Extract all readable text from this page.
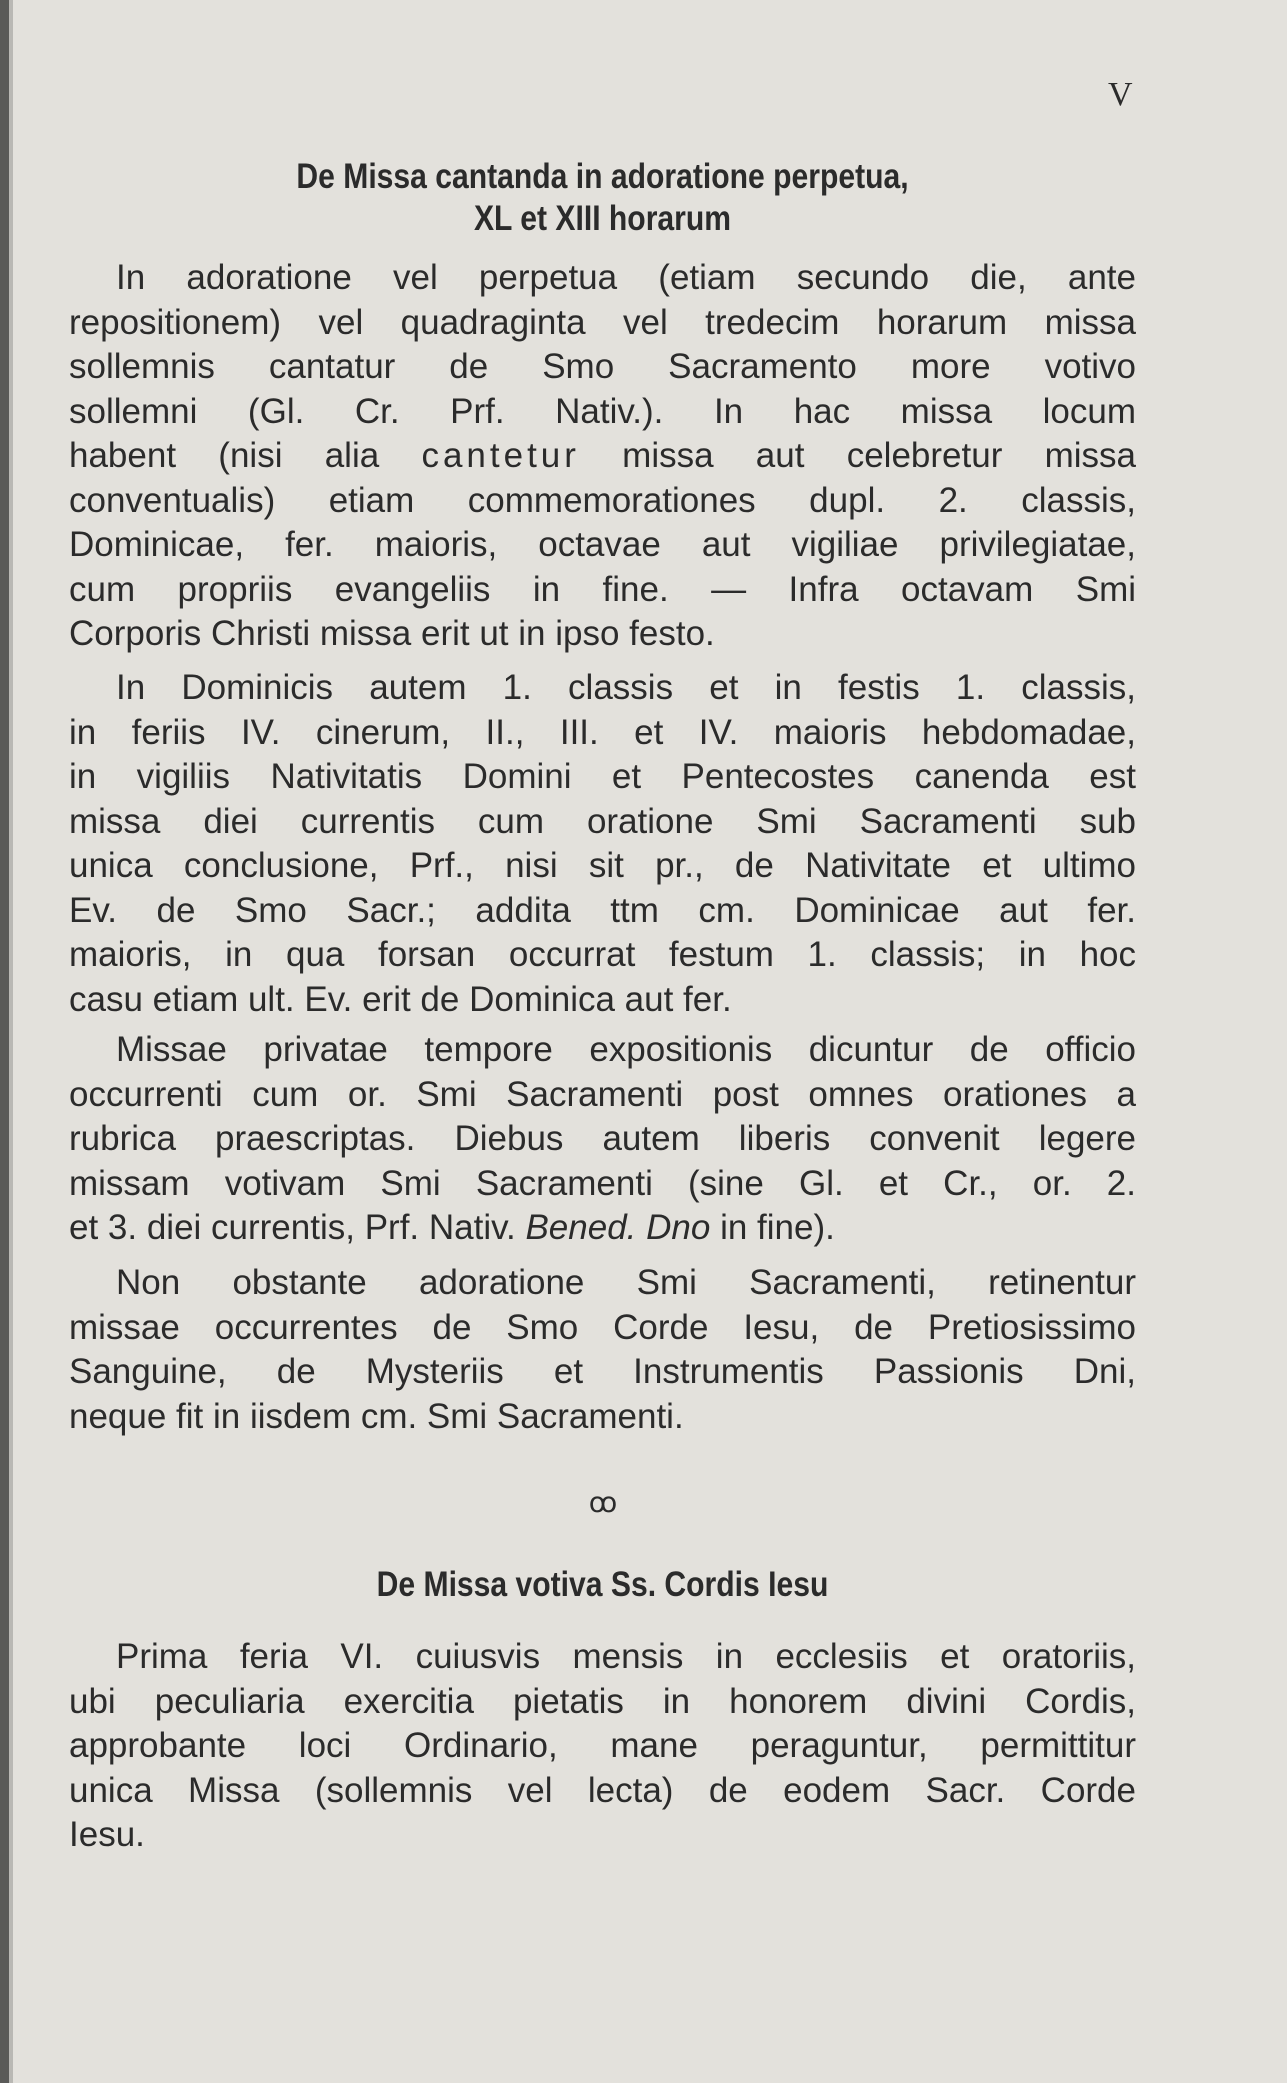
V
De Missa cantanda in adoratione perpetua,
XL et XIII horarum
In adoratione vel perpetua (etiam secundo die, ante
repositionem) vel quadraginta vel tredecim horarum missa
sollemnis cantatur de Smo Sacramento more votivo
sollemni (Gl. Cr. Prf. Nativ.). In hac missa locum
habent (nisi alia cantetur missa aut celebretur missa
conventualis) etiam commemorationes dupl. 2. classis,
Dominicae, fer. maioris, octavae aut vigiliae privilegiatae,
cum propriis evangeliis in fine. — Infra octavam Smi
Corporis Christi missa erit ut in ipso festo.
In Dominicis autem 1. classis et in festis 1. classis,
in feriis IV. cinerum, II., III. et IV. maioris hebdomadae,
in vigiliis Nativitatis Domini et Pentecostes canenda est
missa diei currentis cum oratione Smi Sacramenti sub
unica conclusione, Prf., nisi sit pr., de Nativitate et ultimo
Ev. de Smo Sacr.; addita ttm cm. Dominicae aut fer.
maioris, in qua forsan occurrat festum 1. classis; in hoc
casu etiam ult. Ev. erit de Dominica aut fer.
Missae privatae tempore expositionis dicuntur de officio
occurrenti cum or. Smi Sacramenti post omnes orationes a
rubrica praescriptas. Diebus autem liberis convenit legere
missam votivam Smi Sacramenti (sine Gl. et Cr., or. 2.
et 3. diei currentis, Prf. Nativ. Bened. Dno in fine).
Non obstante adoratione Smi Sacramenti, retinentur
missae occurrentes de Smo Corde Iesu, de Pretiosissimo
Sanguine, de Mysteriis et Instrumentis Passionis Dni,
neque fit in iisdem cm. Smi Sacramenti.
ꝏ
De Missa votiva Ss. Cordis Iesu
Prima feria VI. cuiusvis mensis in ecclesiis et oratoriis,
ubi peculiaria exercitia pietatis in honorem divini Cordis,
approbante loci Ordinario, mane peraguntur, permittitur
unica Missa (sollemnis vel lecta) de eodem Sacr. Corde
Iesu.
